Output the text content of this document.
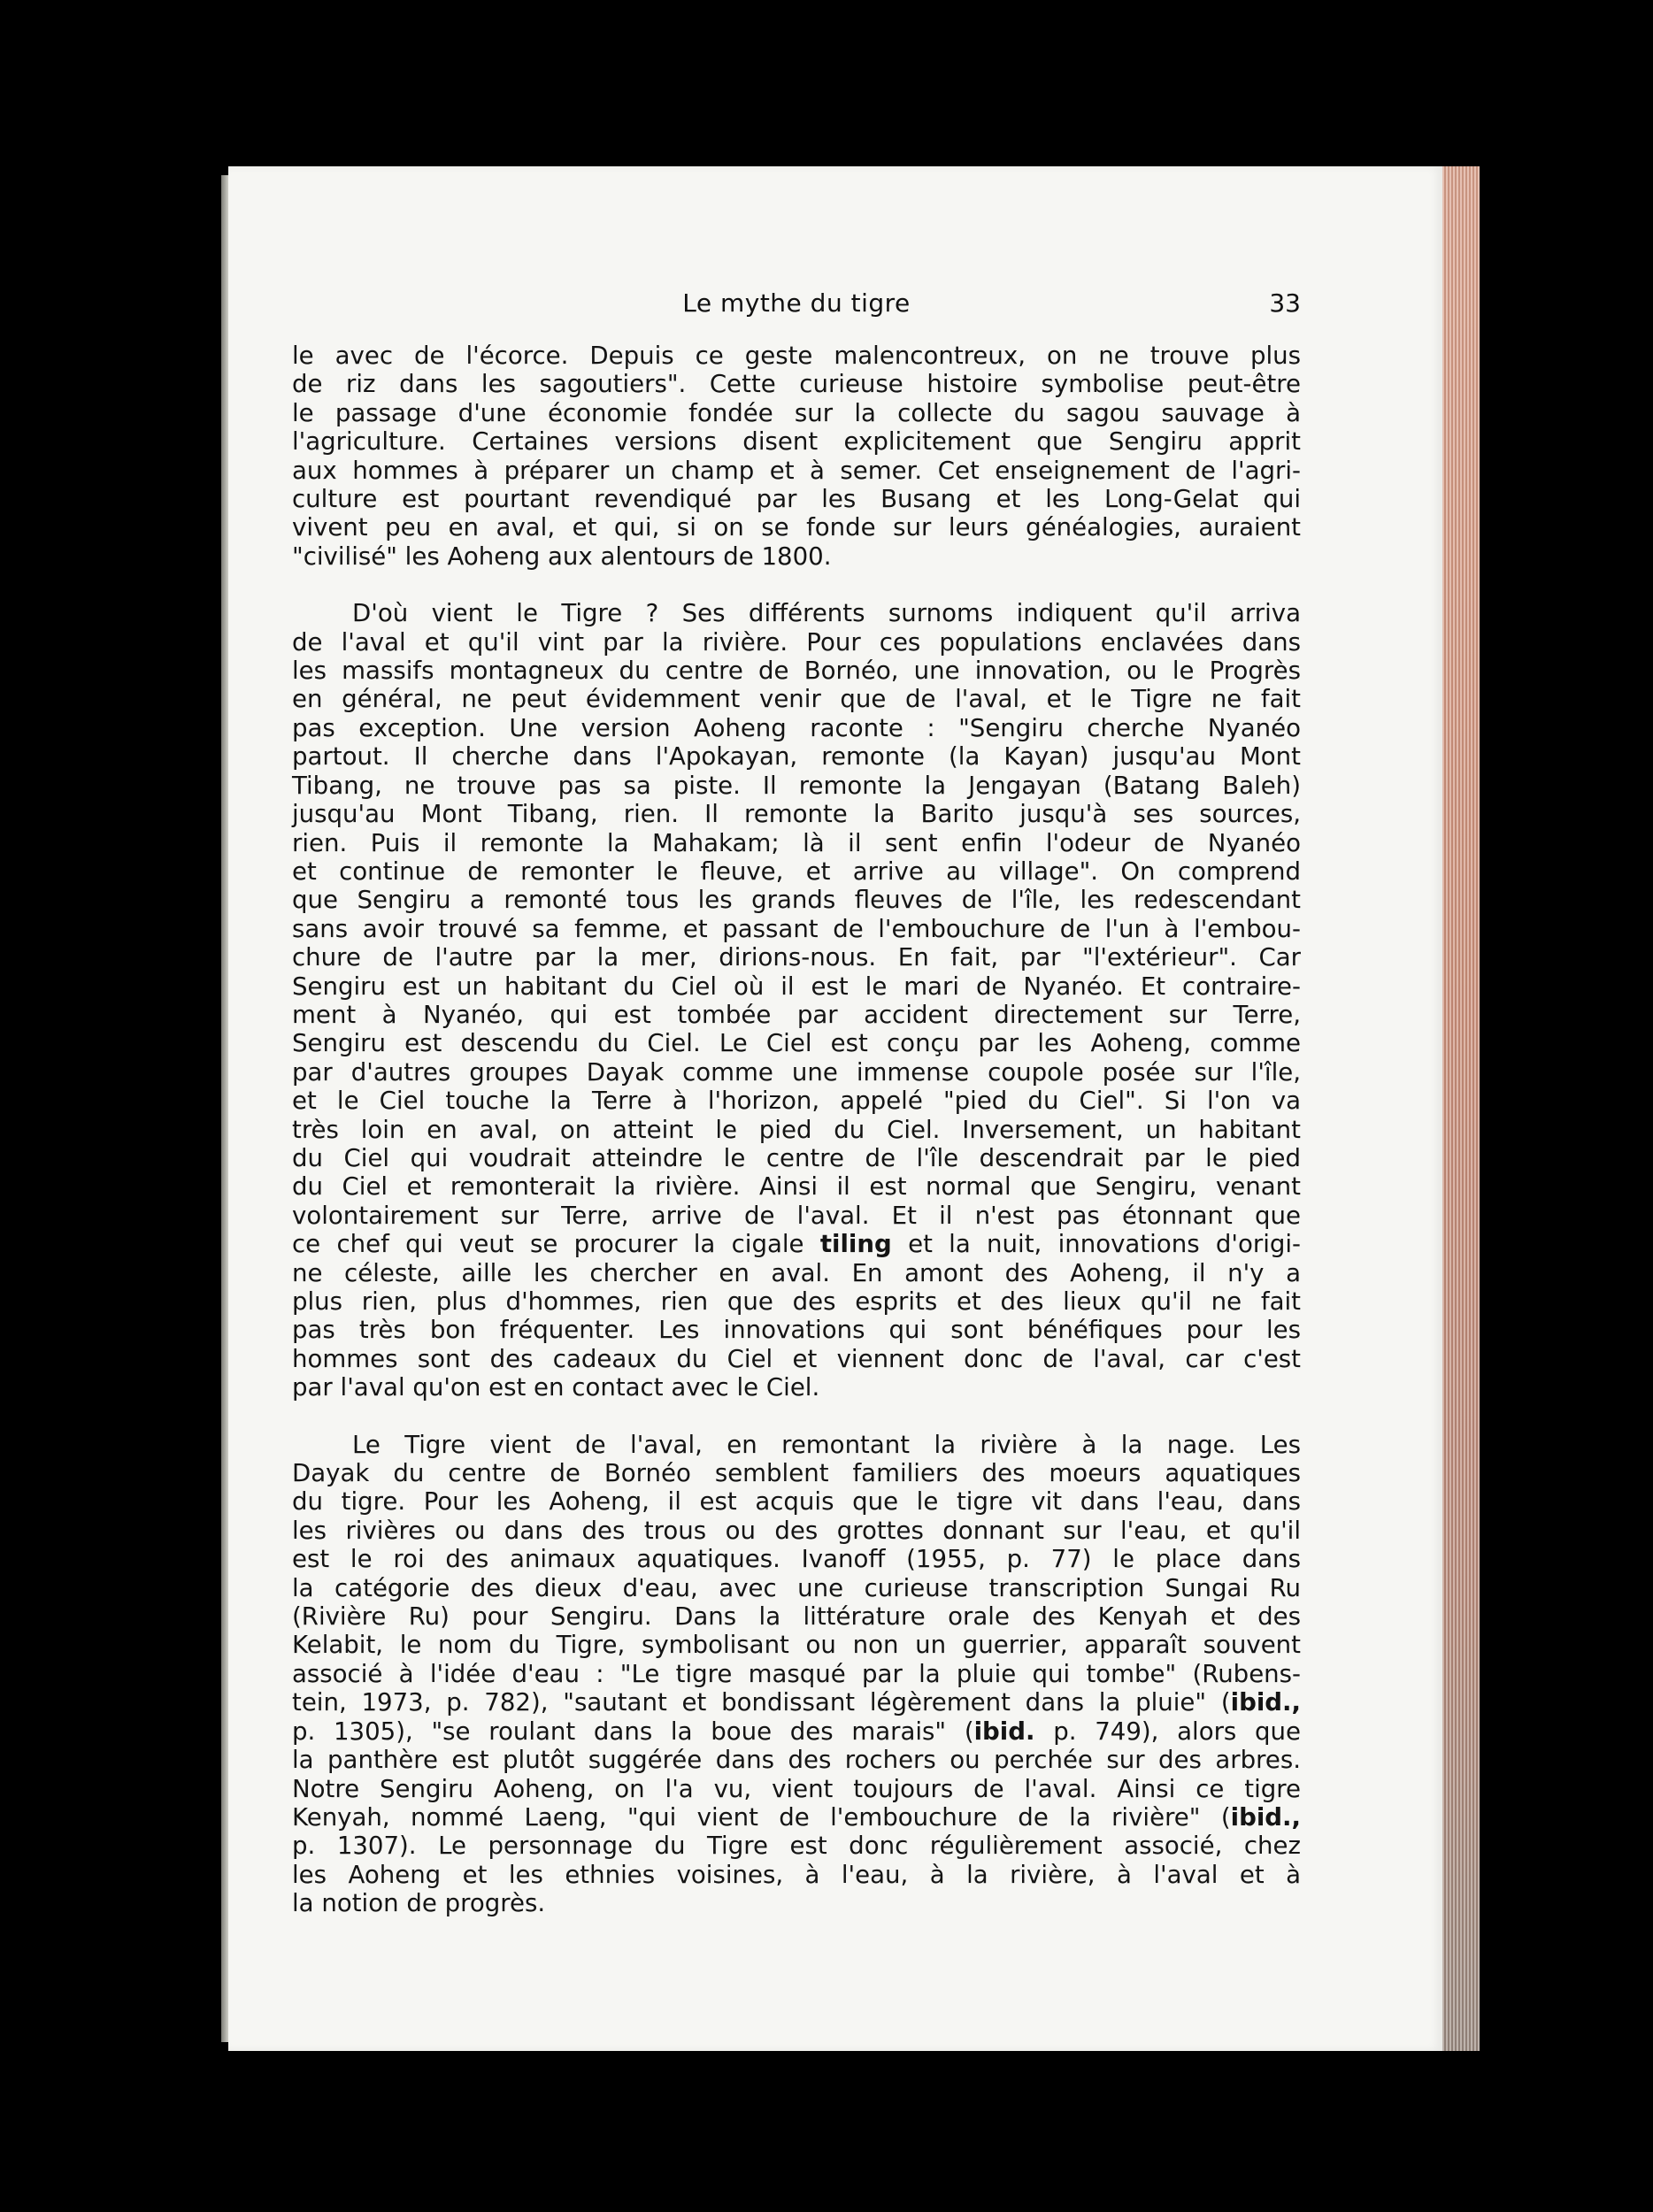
Le mythe du tigre	33
le avec de l'écorce. Depuis ce geste malencontreux, on ne trouve plus
de riz dans les sagoutiers". Cette curieuse histoire symbolise peut-être
le passage d'une économie fondée sur la collecte du sagou sauvage à
l'agriculture. Certaines versions disent explicitement que Sengiru apprit
aux hommes à préparer un champ et à semer. Cet enseignement de l'agri-
culture est pourtant revendiqué par les Busang et les Long-Gelat qui
vivent peu en aval, et qui, si on se fonde sur leurs généalogies, auraient
"civilisé" les Aoheng aux alentours de 1800.
D'où vient le Tigre ? Ses différents surnoms indiquent qu'il arriva
de l'aval et qu'il vint par la rivière. Pour ces populations enclavées dans
les massifs montagneux du centre de Bornéo, une innovation, ou le Progrès
en général, ne peut évidemment venir que de l'aval, et le Tigre ne fait
pas exception. Une version Aoheng raconte : "Sengiru cherche Nyanéo
partout. Il cherche dans l'Apokayan, remonte (la Kayan) jusqu'au Mont
Tibang, ne trouve pas sa piste. Il remonte la Jengayan (Batang Baleh)
jusqu'au Mont Tibang, rien. Il remonte la Barito jusqu'à ses sources,
rien. Puis il remonte la Mahakam; là il sent enfin l'odeur de Nyanéo
et continue de remonter le fleuve, et arrive au village". On comprend
que Sengiru a remonté tous les grands fleuves de l'île, les redescendant
sans avoir trouvé sa femme, et passant de l'embouchure de l'un à l'embou-
chure de l'autre par la mer, dirions-nous. En fait, par "l'extérieur". Car
Sengiru est un habitant du Ciel où il est le mari de Nyanéo. Et contraire-
ment à Nyanéo, qui est tombée par accident directement sur Terre,
Sengiru est descendu du Ciel. Le Ciel est conçu par les Aoheng, comme
par d'autres groupes Dayak comme une immense coupole posée sur l'île,
et le Ciel touche la Terre à l'horizon, appelé "pied du Ciel". Si l'on va
très loin en aval, on atteint le pied du Ciel. Inversement, un habitant
du Ciel qui voudrait atteindre le centre de l'île descendrait par le pied
du Ciel et remonterait la rivière. Ainsi il est normal que Sengiru, venant
volontairement sur Terre, arrive de l'aval. Et il n'est pas étonnant que
ce chef qui veut se procurer la cigale tiling et la nuit, innovations d'origi-
ne céleste, aille les chercher en aval. En amont des Aoheng, il n'y a
plus rien, plus d'hommes, rien que des esprits et des lieux qu'il ne fait
pas très bon fréquenter. Les innovations qui sont bénéfiques pour les
hommes sont des cadeaux du Ciel et viennent donc de l'aval, car c'est
par l'aval qu'on est en contact avec le Ciel.
Le Tigre vient de l'aval, en remontant la rivière à la nage. Les
Dayak du centre de Bornéo semblent familiers des moeurs aquatiques
du tigre. Pour les Aoheng, il est acquis que le tigre vit dans l'eau, dans
les rivières ou dans des trous ou des grottes donnant sur l'eau, et qu'il
est le roi des animaux aquatiques. Ivanoff (1955, p. 77) le place dans
la catégorie des dieux d'eau, avec une curieuse transcription Sungai Ru
(Rivière Ru) pour Sengiru. Dans la littérature orale des Kenyah et des
Kelabit, le nom du Tigre, symbolisant ou non un guerrier, apparaît souvent
associé à l'idée d'eau : "Le tigre masqué par la pluie qui tombe" (Rubens-
tein, 1973, p. 782), "sautant et bondissant légèrement dans la pluie" (ibid.,
p. 1305), "se roulant dans la boue des marais" (ibid. p. 749), alors que
la panthère est plutôt suggérée dans des rochers ou perchée sur des arbres.
Notre Sengiru Aoheng, on l'a vu, vient toujours de l'aval. Ainsi ce tigre
Kenyah, nommé Laeng, "qui vient de l'embouchure de la rivière" (ibid.,
p. 1307). Le personnage du Tigre est donc régulièrement associé, chez
les Aoheng et les ethnies voisines, à l'eau, à la rivière, à l'aval et à
la notion de progrès.
